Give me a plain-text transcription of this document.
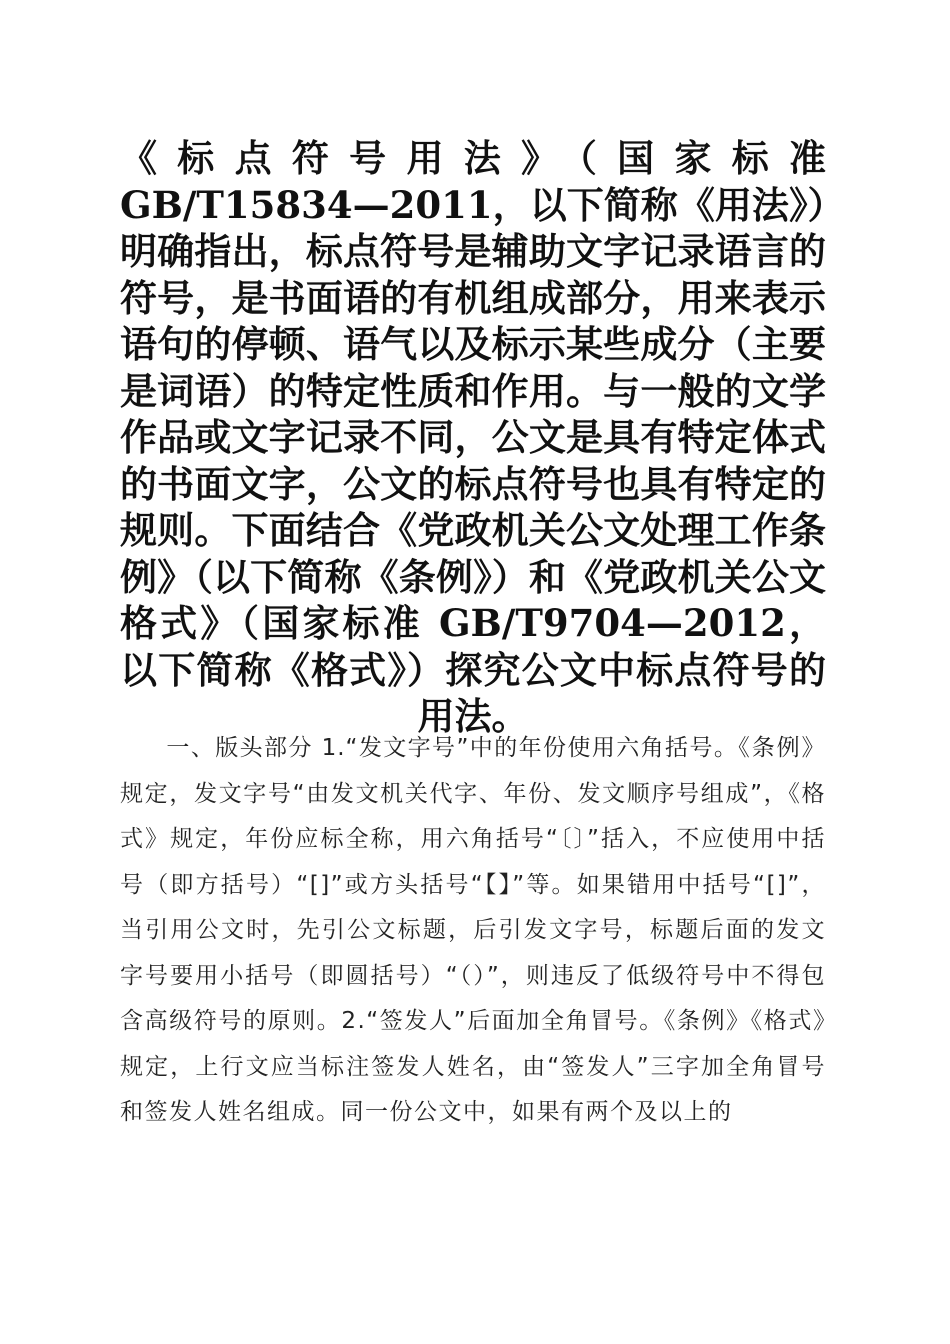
《标点符号用法》（国家标准 GB/T15834—2011，以下简称《用法》）明确指出，标点符号是辅助文字记录语言的符号，是书面语的有机组成部分，用来表示语句的停顿、语气以及标示某些成分（主要是词语）的特定性质和作用。与一般的文学作品或文字记录不同，公文是具有特定体式的书面文字，公文的标点符号也具有特定的规则。下面结合《党政机关公文处理工作条例》（以下简称《条例》）和《党政机关公文格式》（国家标准 GB/T9704—2012，以下简称《格式》）探究公文中标点符号的用法。

一、版头部分 1.“发文字号”中的年份使用六角括号。《条例》规定，发文字号“由发文机关代字、年份、发文顺序号组成”，《格式》规定，年份应标全称，用六角括号“〔〕”括入，不应使用中括号（即方括号）“[]”或方头括号“【】”等。如果错用中括号“[]”，当引用公文时，先引公文标题，后引发文字号，标题后面的发文字号要用小括号（即圆括号）“（）”，则违反了低级符号中不得包含高级符号的原则。2.“签发人”后面加全角冒号。《条例》《格式》规定，上行文应当标注签发人姓名，由“签发人”三字加全角冒号和签发人姓名组成。同一份公文中，如果有两个及以上的
